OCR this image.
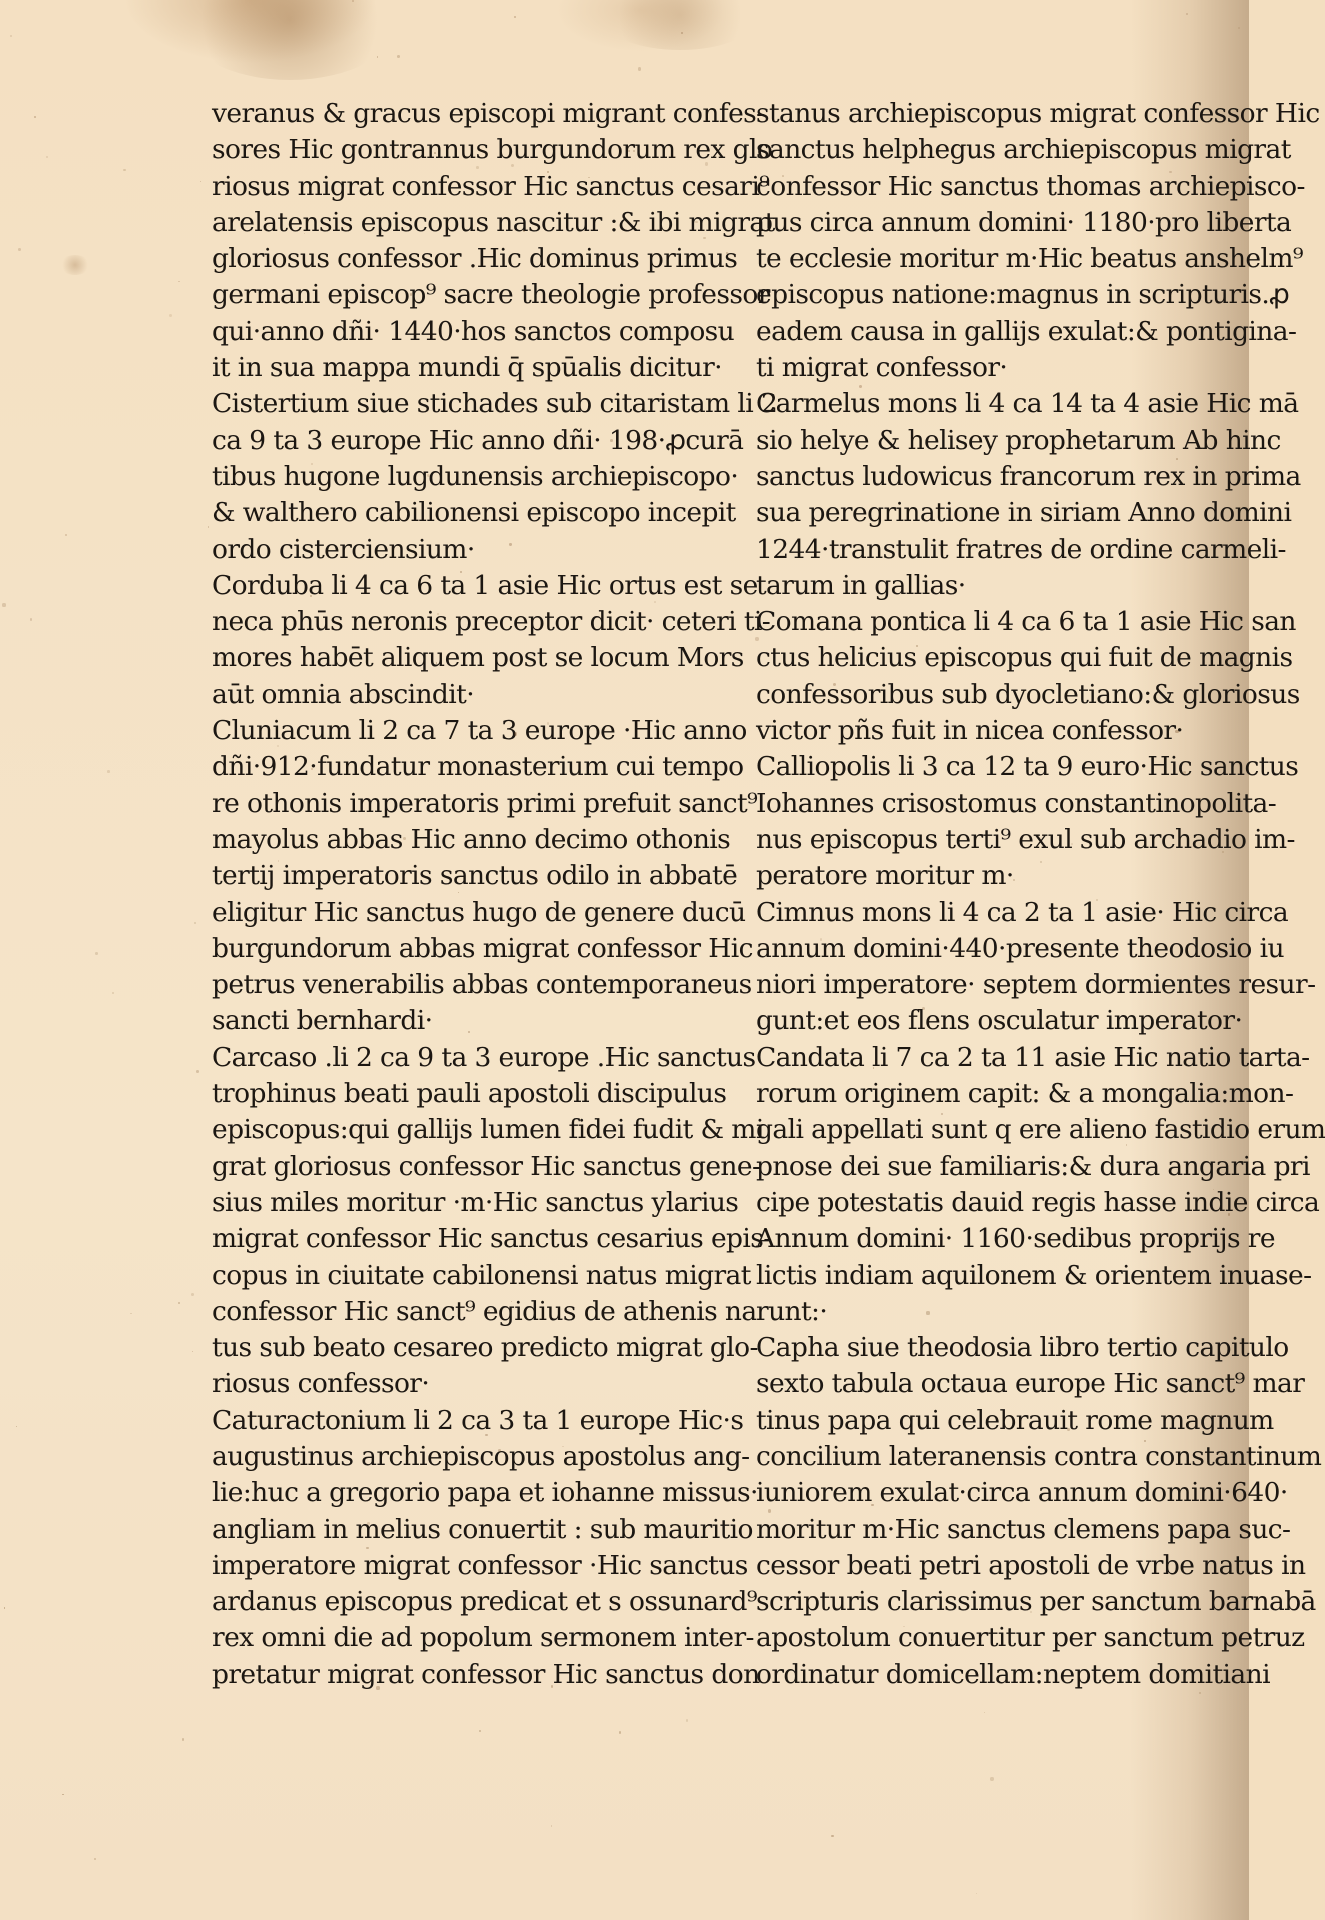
veranus & gracus episcopi migrant confes-
sores Hic gontrannus burgundorum rex glo
riosus migrat confessor Hic sanctus cesari⁹
arelatensis episcopus nascitur :& ibi migrat
gloriosus confessor .Hic dominus primus
germani episcop⁹ sacre theologie professor
qui·anno dñi· 1440·hos sanctos composu
it in sua mappa mundi q̄ spūalis dicitur·
Cistertium siue stichades sub citaristam li 2
ca 9 ta 3 europe Hic anno dñi· 198·ꝓcurā
tibus hugone lugdunensis archiepiscopo·
& walthero cabilionensi episcopo incepit
ordo cisterciensium·
Corduba li 4 ca 6 ta 1 asie Hic ortus est se
neca phūs neronis preceptor dicit· ceteri ti-
mores habēt aliquem post se locum Mors
aūt omnia abscindit·
Cluniacum li 2 ca 7 ta 3 europe ·Hic anno
dñi·912·fundatur monasterium cui tempo
re othonis imperatoris primi prefuit sanct⁹
mayolus abbas Hic anno decimo othonis
tertij imperatoris sanctus odilo in abbatē
eligitur Hic sanctus hugo de genere ducū
burgundorum abbas migrat confessor Hic
petrus venerabilis abbas contemporaneus
sancti bernhardi·
Carcaso .li 2 ca 9 ta 3 europe .Hic sanctus
trophinus beati pauli apostoli discipulus
episcopus:qui gallijs lumen fidei fudit & mi
grat gloriosus confessor Hic sanctus gene-
sius miles moritur ·m·Hic sanctus ylarius
migrat confessor Hic sanctus cesarius epis-
copus in ciuitate cabilonensi natus migrat
confessor Hic sanct⁹ egidius de athenis na
tus sub beato cesareo predicto migrat glo-
riosus confessor·
Caturactonium li 2 ca 3 ta 1 europe Hic·s
augustinus archiepiscopus apostolus ang-
lie:huc a gregorio papa et iohanne missus·
angliam in melius conuertit : sub mauritio
imperatore migrat confessor ·Hic sanctus
ardanus episcopus predicat et s ossunard⁹
rex omni die ad popolum sermonem inter-
pretatur migrat confessor Hic sanctus don
stanus archiepiscopus migrat confessor Hic
sanctus helphegus archiepiscopus migrat
confessor Hic sanctus thomas archiepisco-
pus circa annum domini· 1180·pro liberta
te ecclesie moritur m·Hic beatus anshelm⁹
episcopus natione:magnus in scripturis.ꝓ
eadem causa in gallijs exulat:& pontigina-
ti migrat confessor·
Carmelus mons li 4 ca 14 ta 4 asie Hic mā
sio helye & helisey prophetarum Ab hinc
sanctus ludowicus francorum rex in prima
sua peregrinatione in siriam Anno domini
1244·transtulit fratres de ordine carmeli-
tarum in gallias·
Comana pontica li 4 ca 6 ta 1 asie Hic san
ctus helicius episcopus qui fuit de magnis
confessoribus sub dyocletiano:& gloriosus
victor pñs fuit in nicea confessor·
Calliopolis li 3 ca 12 ta 9 euro·Hic sanctus
Iohannes crisostomus constantinopolita-
nus episcopus terti⁹ exul sub archadio im-
peratore moritur m·
Cimnus mons li 4 ca 2 ta 1 asie· Hic circa
annum domini·440·presente theodosio iu
niori imperatore· septem dormientes resur-
gunt:et eos flens osculatur imperator·
Candata li 7 ca 2 ta 11 asie Hic natio tarta-
rorum originem capit: & a mongalia:mon-
gali appellati sunt q ere alieno fastidio erum
pnose dei sue familiaris:& dura angaria pri
cipe potestatis dauid regis hasse indie circa
Annum domini· 1160·sedibus proprijs re
lictis indiam aquilonem & orientem inuase-
runt:·
Capha siue theodosia libro tertio capitulo
sexto tabula octaua europe Hic sanct⁹ mar
tinus papa qui celebrauit rome magnum
concilium lateranensis contra constantinum
iuniorem exulat·circa annum domini·640·
moritur m·Hic sanctus clemens papa suc-
cessor beati petri apostoli de vrbe natus in
scripturis clarissimus per sanctum barnabā
apostolum conuertitur per sanctum petruz
ordinatur domicellam:neptem domitiani
